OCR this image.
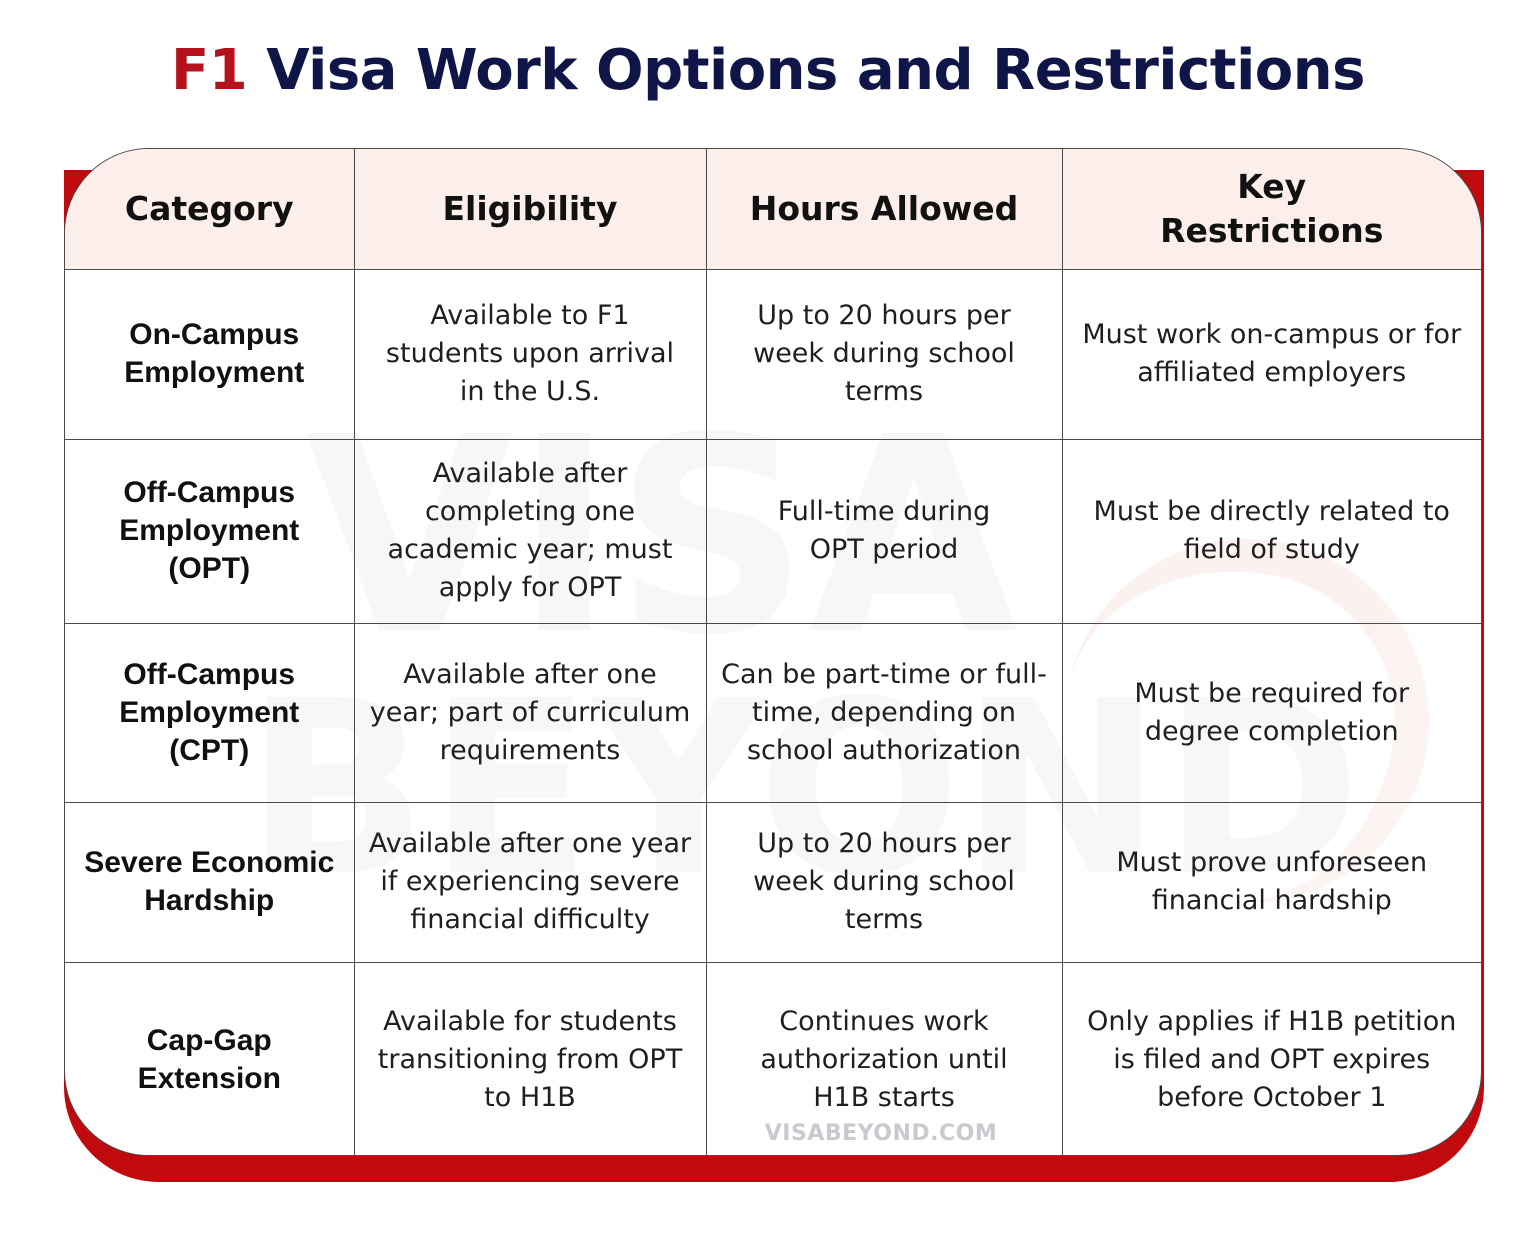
F1 Visa Work Options and Restrictions
Category	Eligibility	Hours Allowed	Key Restrictions
On-Campus Employment	Available to F1 students upon arrival in the U.S.	Up to 20 hours per week during school terms	Must work on-campus or for affiliated employers
Off-Campus Employment (OPT)	Available after completing one academic year; must apply for OPT	Full-time during OPT period	Must be directly related to field of study
Off-Campus Employment (CPT)	Available after one year; part of curriculum requirements	Can be part-time or full-time, depending on school authorization	Must be required for degree completion
Severe Economic Hardship	Available after one year if experiencing severe financial difficulty	Up to 20 hours per week during school terms	Must prove unforeseen financial hardship
Cap-Gap Extension	Available for students transitioning from OPT to H1B	Continues work authorization until H1B starts	Only applies if H1B petition is filed and OPT expires before October 1
VISABEYOND.COM
